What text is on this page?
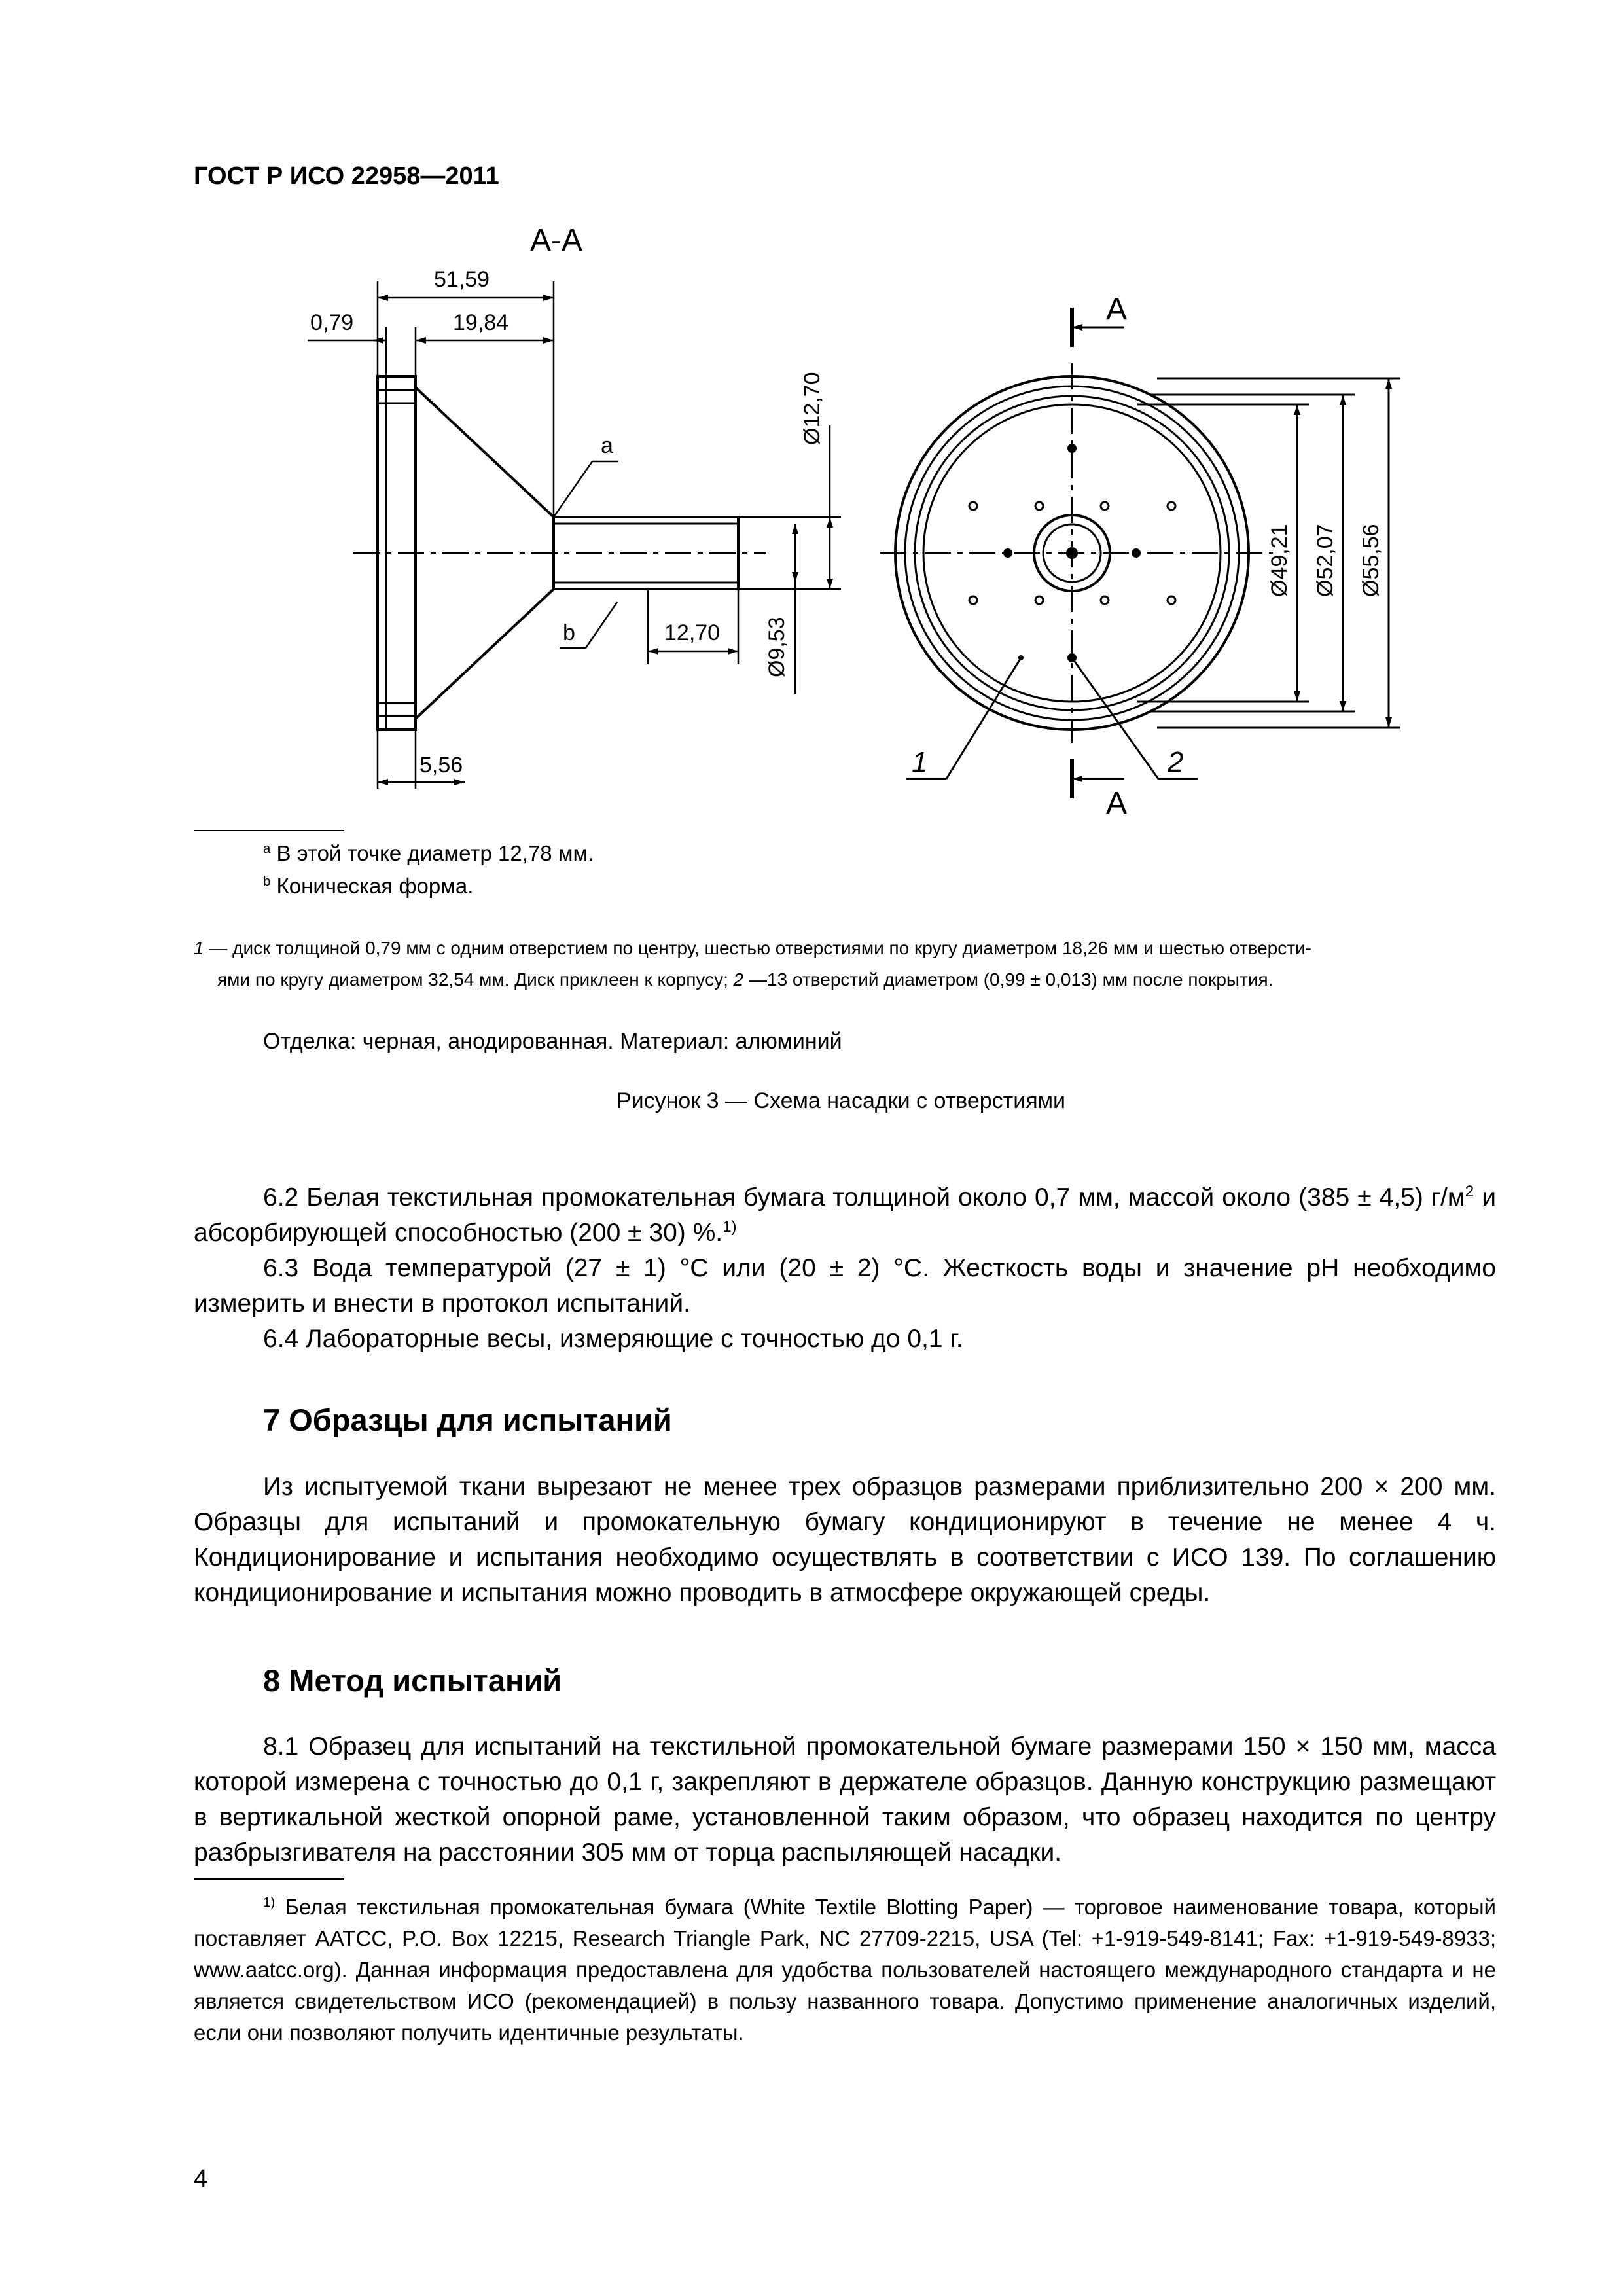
ГОСТ Р ИСО 22958—2011
А-А
А
А
51,59
19,84
0,79
5,56
12,70
Ø12,70
Ø9,53
Ø49,21 Ø52,07 Ø55,56
a
b
1	2
$^a$ В этой точке диаметр 12,78 мм.
$^b$ Коническая форма.

1 — диск толщиной 0,79 мм с одним отверстием по центру, шестью отверстиями по кругу диаметром 18,26 мм и шестью отверсти-

ями по кругу диаметром 32,54 мм. Диск приклеен к корпусу; 2 —13 отверстий диаметром (0,99 ± 0,013) мм после покрытия.

Отделка: черная, анодированная. Материал: алюминий
Рисунок 3 — Схема насадки с отверстиями

6.2 Белая текстильная промокательная бумага толщиной около 0,7 мм, массой около (385 ± 4,5) $г/м^2$ и абсорбирующей способностью (200 ± 30) %.$^{1)}$

6.3 Вода температурой (27 ± 1) °С или (20 ± 2) °С. Жесткость воды и значение рН необходимо измерить и внести в протокол испытаний.

6.4 Лабораторные весы, измеряющие с точностью до 0,1 г.

7 Образцы для испытаний

Из испытуемой ткани вырезают не менее трех образцов размерами приблизительно 200 × 200 мм. Образцы для испытаний и промокательную бумагу кондиционируют в течение не менее 4 ч. Кондиционирование и испытания необходимо осуществлять в соответствии с ИСО 139. По соглашению кондиционирование и испытания можно проводить в атмосфере окружающей среды.

8 Метод испытаний

8.1 Образец для испытаний на текстильной промокательной бумаге размерами 150 × 150 мм, масса которой измерена с точностью до 0,1 г, закрепляют в держателе образцов. Данную конструкцию размещают в вертикальной жесткой опорной раме, установленной таким образом, что образец находится по центру разбрызгивателя на расстоянии 305 мм от торца распыляющей насадки.

$^{1)}$ Белая текстильная промокательная бумага (White Textile Blotting Paper) — торговое наименование товара, который поставляет AATCC, P.O. Box 12215, Research Triangle Park, NC 27709-2215, USA (Tel: +1-919-549-8141; Fax: +1-919-549-8933; www.aatcc.org). Данная информация предоставлена для удобства пользователей настоящего международного стандарта и не является свидетельством ИСО (рекомендацией) в пользу названного товара. Допустимо применение аналогичных изделий, если они позволяют получить идентичные результаты.

4
